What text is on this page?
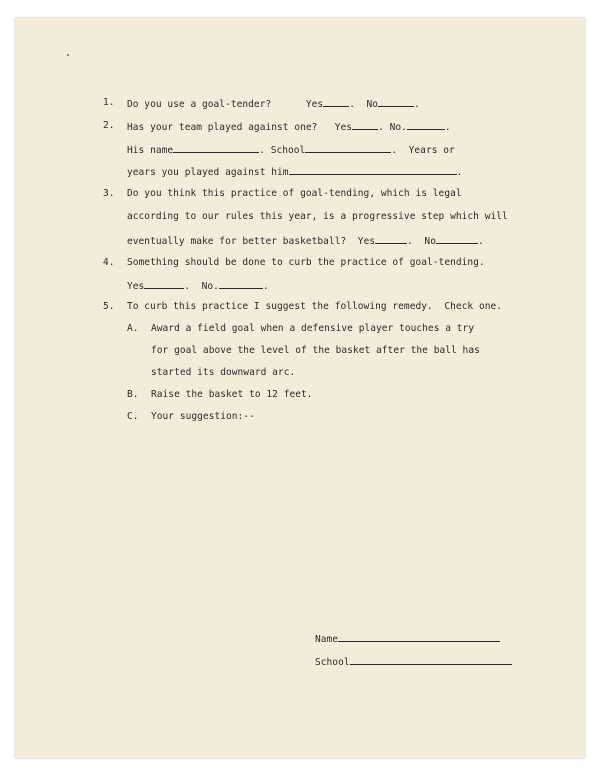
1. Do you use a goal-tender?	Yes	.  No	.
2. Has your team played against one? Yes	. No.	.
His name	. School	.  Years or
years you played against him	.
3. Do you think this practice of goal-tending, which is legal
according to our rules this year, is a progressive step which will
eventually make for better basketball? Yes	.  No	.
4. Something should be done to curb the practice of goal-tending.
Yes	.  No.	.
5. To curb this practice I suggest the following remedy.  Check one.
A. Award a field goal when a defensive player touches a try
for goal above the level of the basket after the ball has
started its downward arc.
B. Raise the basket to 12 feet.
C. Your suggestion:--
Name
School
